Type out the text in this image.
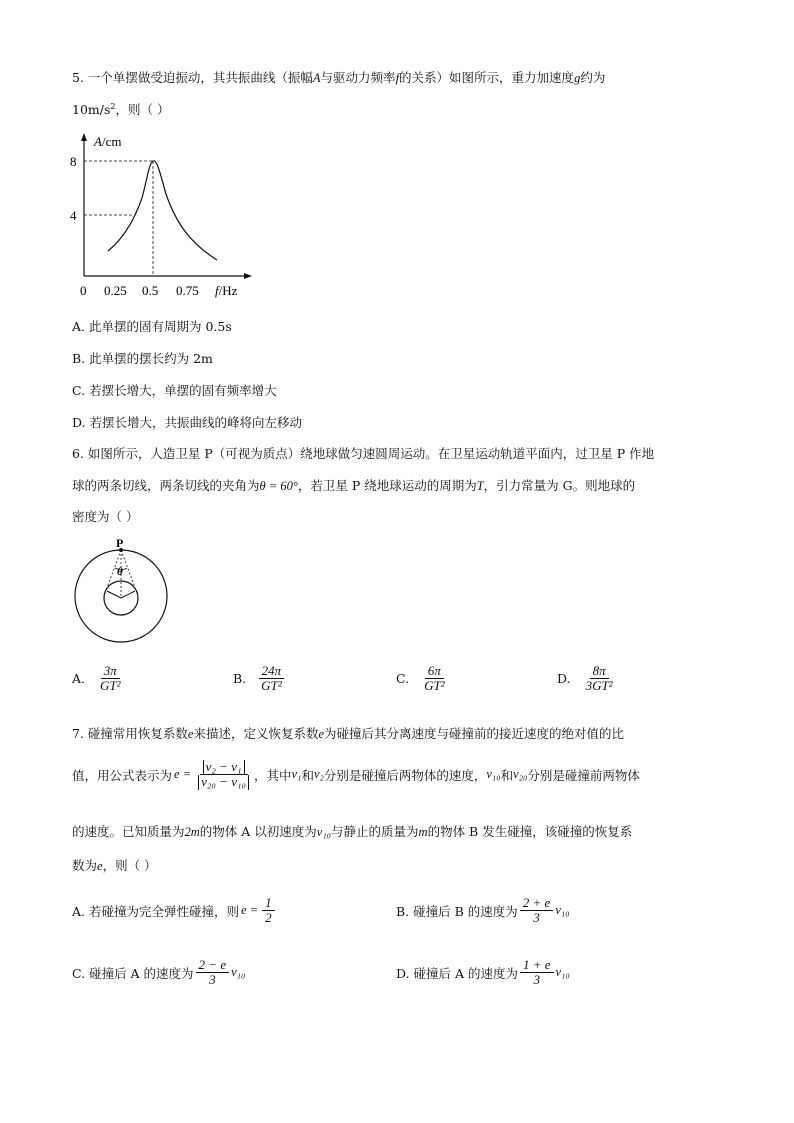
5. 一个单摆做受迫振动，其共振曲线（振幅A与驱动力频率f的关系）如图所示，重力加速度g约为
$10m/s^2$，则（ ）
A/cm
8
4
0 0.25 0.5 0.75 f/Hz
A. 此单摆的固有周期为 0.5s
B. 此单摆的摆长约为 2m
C. 若摆长增大，单摆的固有频率增大
D. 若摆长增大，共振曲线的峰将向左移动
6. 如图所示，人造卫星 P（可视为质点）绕地球做匀速圆周运动。在卫星运动轨道平面内，过卫星 P 作地
球的两条切线，两条切线的夹角为θ = 60°，若卫星 P 绕地球运动的周期为T，引力常量为 G。则地球的
密度为（ ）
P
θ
A. $\frac{3\pi}{\text{GT²}}$	B. $\frac{24\pi}{\text{GT²}}$	C. $\frac{6\pi}{\text{GT²}}$	D. $\frac{8\pi}{\text{3GT²}}$
7. 碰撞常用恢复系数e来描述，定义恢复系数e为碰撞后其分离速度与碰撞前的接近速度的绝对值的比
值，用公式表示为 $e = \frac{\text{v₂ − v₁}}{\text{v₂₀ − v₁₀}}$ ，其中 v₁ 和 v₂ 分别是碰撞后两物体的速度， v₁₀ 和 v₂₀ 分别是碰撞前两物体
的速度。已知质量为2m的物体 A 以初速度为v₁₀与静止的质量为m的物体 B 发生碰撞，该碰撞的恢复系
数为e，则（ ）
A. 若碰撞为完全弹性碰撞，则 $e = \frac{1}{2}$	B. 碰撞后 B 的速度为 $\frac{2 + e}{3} v_{10}$
C. 碰撞后 A 的速度为 $\frac{2 - e}{3} v_{10}$	D. 碰撞后 A 的速度为 $\frac{1 + e}{3} v_{10}$
